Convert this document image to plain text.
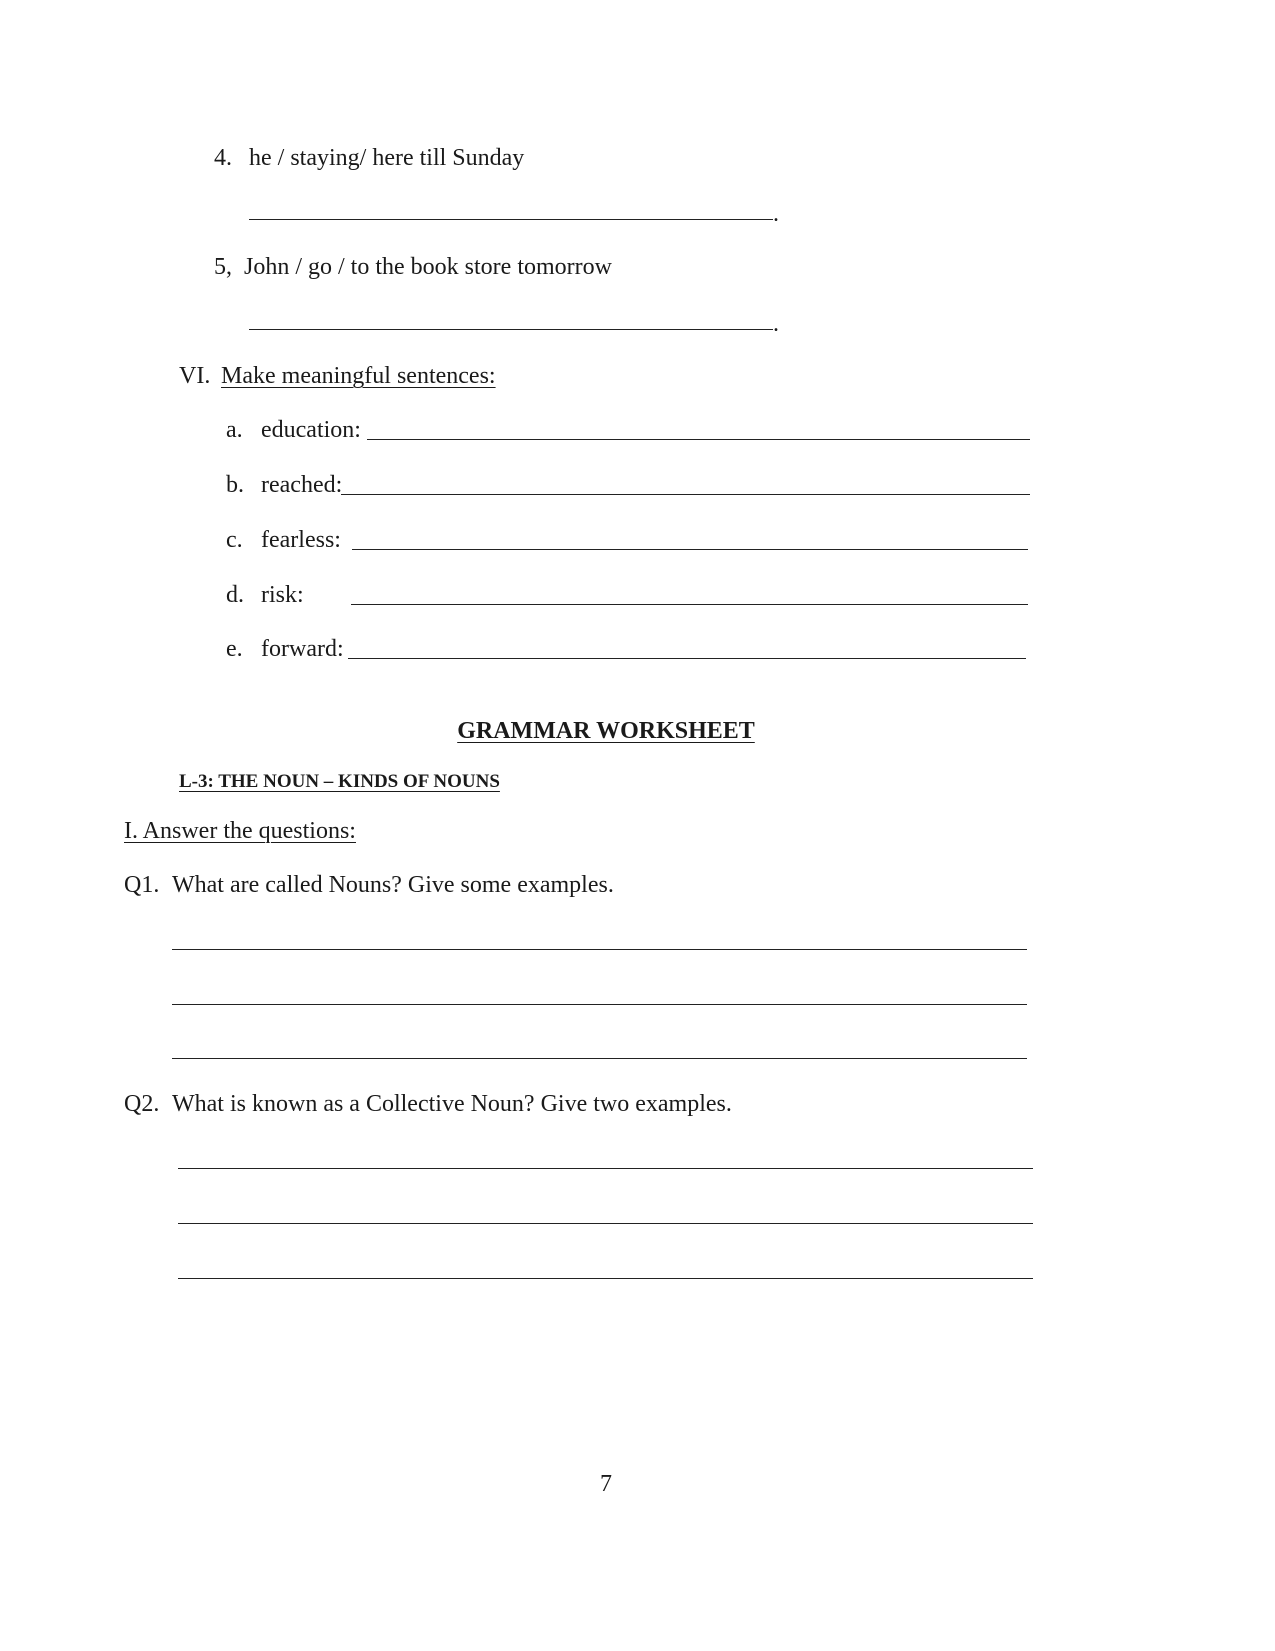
4. he / staying/ here till Sunday
.
5, John / go / to the book store tomorrow
.
VI. Make meaningful sentences:
a. education:
b. reached:
c. fearless:
d. risk:
e. forward:
GRAMMAR WORKSHEET
L-3: THE NOUN – KINDS OF NOUNS
I. Answer the questions:
Q1. What are called Nouns? Give some examples.
Q2. What is known as a Collective Noun? Give two examples.
7
